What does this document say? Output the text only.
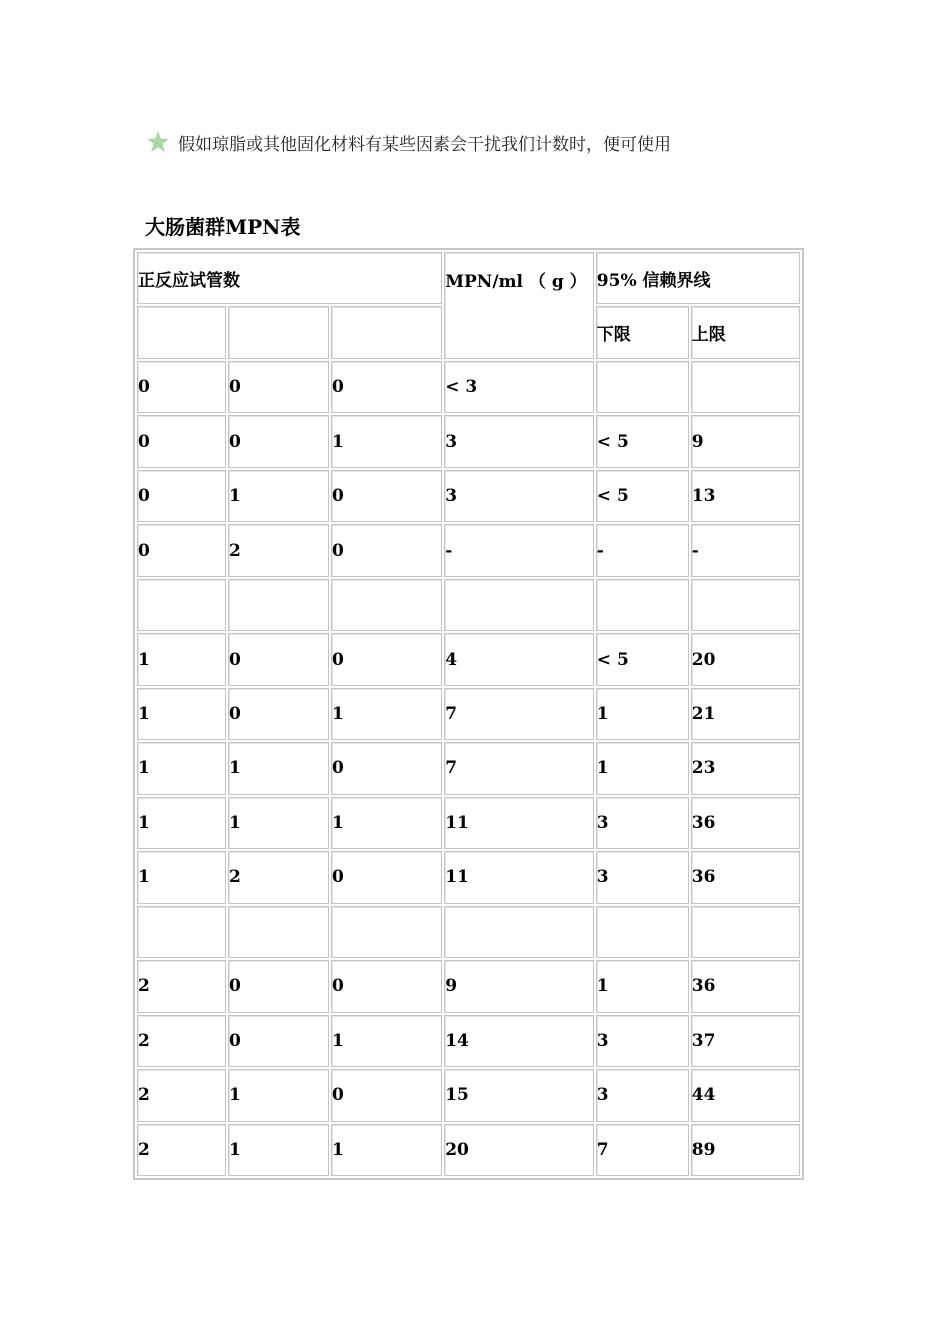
假如琼脂或其他固化材料有某些因素会干扰我们计数时，便可使用
大肠菌群MPN表
正反应试管数			MPN/ml （ g ）	95% 信赖界线	
				下限	上限
0	0	0	< 3		
0	0	1	3	< 5	9
0	1	0	3	< 5	13
0	2	0	-	-	-

1	0	0	4	< 5	20
1	0	1	7	1	21
1	1	0	7	1	23
1	1	1	11	3	36
1	2	0	11	3	36

2	0	0	9	1	36
2	0	1	14	3	37
2	1	0	15	3	44
2	1	1	20	7	89
